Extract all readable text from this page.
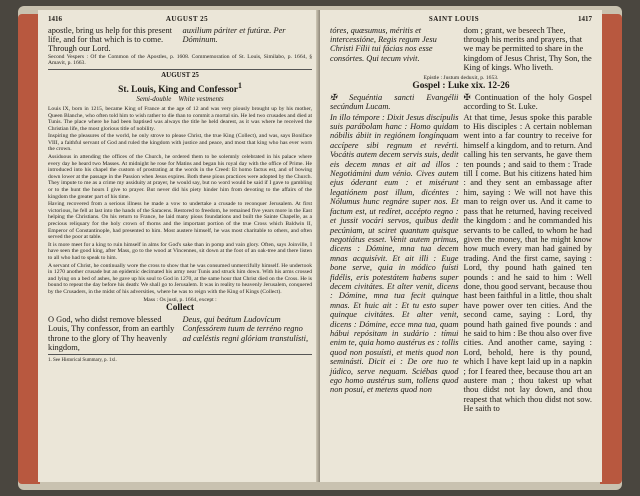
1416	AUGUST 25
apostle, bring us help for this present life, and for that which is to come. Through our Lord.
auxilium páriter et futúræ. Per Dóminum.

Second Vespers : Of the Common of the Apostles, p. 1608. Commemoration of St. Louis, Similabo, p. 1664, § Amavit, p. 1663.

AUGUST 25
St. Louis, King and Confessor$^1$
Semi-double White vestments

Louis IX, born in 1215, became King of France at the age of 12 and was very piously brought up by his mother, Queen Blanche, who often told him to wish rather to die than to commit a mortal sin. He led two crusades and died at Tunis. The place where he had been baptised was always the title he held dearest, as it was where he received the Christian life, the most glorious title of nobility.

Inspiring the pleasures of the world, he only strove to please Christ, the true King (Collect), and was, says Boniface VIII, a faithful servant of God and ruled the kingdom with justice and peace, and most that king who has ever worn the crown.

Assiduous in attending the offices of the Church, he ordered them to be solemnly celebrated in his palace where every day he heard two Masses. At midnight he rose for Matins and began his royal day with the office of Prime. He introduced into his chapel the custom of prostrating at the words in the Creed: Et homo factus est, and of bowing down lower at the passage in the Passion when Jesus expires. Both these pious practices were adopted by the Church. They impute to me as a crime my assiduity at prayer, he would say, but no word would be said if I gave to gambling or to the hunt the hours I give to prayer. But never did his piety hinder him from devoting to the affairs of the kingdom the greater part of his time.

Having recovered from a serious illness he made a vow to undertake a crusade to reconquer Jerusalem. At first victorious, he fell at last into the hands of the Saracens. Restored to freedom, he remained five years more in the East helping the Christians. On his return to France, he laid many pious foundations and built the Sainte Chapelle, as a precious reliquary for the holy crown of thorns and the important portion of the true Cross which Baldwin II, Emperor of Constantinople, had presented to him. Most austere himself, he was most charitable to others, and often served the poor at table.

It is more meet for a king to ruin himself in alms for God's sake than in pomp and vain glory. Often, says Joinville, I have seen the good king, after Mass, go to the wood at Vincennes, sit down at the foot of an oak-tree and there listen to all who had to speak to him.

A servant of Christ, he continually wore the cross to show that he was consumed unmercifully himself. He undertook in 1270 another crusade but an epidemic decimated his army near Tunis and struck him down. With his arms crossed and lying on a bed of ashes, he gave up his soul to God in 1270, at the same hour that Christ died on the Cross. He is bound to repeat the day before his death: We shall go to Jerusalem. It was in reality to heavenly Jerusalem, conquered by the Crusaders, in the midst of his adversities, where he was to reign with the King of Kings (Collect).

Mass : Os justi, p. 1664, except :
Collect
O God, who didst remove blessed Louis, Thy confessor, from an earthly throne to the glory of Thy heavenly kingdom,
Deus, qui beátum Ludovícum Confessórem tuum de terréno regno ad cæléstis regni glóriam transtulísti,
1. See Historical Summary, p. 1xl.
SAINT LOUIS	1417
tóres, quæsumus, méritis et intercessióne, Regis regum Jesu Christi Fílii tui fácias nos esse consórtes. Qui tecum vivit.
dom ; grant, we beseech Thee, through his merits and prayers, that we may be permitted to share in the kingdom of Jesus Christ, Thy Son, the King of kings. Who liveth.
Epistle : Justum deduxit, p. 1653.
Gospel : Luke xix. 12-26

✠ Sequéntia sancti Evangélii secúndum Lucam.

In illo témpore : Dixit Jesus discípulis suis parábolam hanc : Homo quidam nóbilis ábiit in regiónem longínquam accípere sibi regnum et revérti. Vocátis autem decem servis suis, dedit eis decem mnas et ait ad illos : Negotiámini dum vénio. Cives autem ejus óderant eum : et misérunt legatiónem post illum, dicéntes : Nólumus hunc regnáre super nos. Et factum est, ut redíret, accépto regno : et jussit vocári servos, quibus dedit pecúniam, ut sciret quantum quisque negotiátus esset. Venit autem primus, dicens : Dómine, mna tua decem mnas acquisívit. Et ait illi : Euge bone serve, quia in módico fuísti fidélis, eris potestátem habens super decem civitátes. Et alter venit, dicens : Dómine, mna tua fecit quinque mnas. Et huic ait : Et tu esto super quinque civitátes. Et alter venit, dicens : Dómine, ecce mna tua, quam hábui repósitam in sudário : tímui enim te, quia homo austérus es : tollis quod non posuísti, et metis quod non seminásti. Dicit ei : De ore tuo te júdico, serve nequam. Sciébas quod ego homo austérus sum, tollens quod non posui, et metens quod non

✠ Continuation of the holy Gospel according to St. Luke.

At that time, Jesus spoke this parable to His disciples : A certain nobleman went into a far country to receive for himself a kingdom, and to return. And calling his ten servants, he gave them ten pounds ; and said to them : Trade till I come. But his citizens hated him : and they sent an embassage after him, saying : We will not have this man to reign over us. And it came to pass that he returned, having received the kingdom : and he commanded his servants to be called, to whom he had given the money, that he might know how much every man had gained by trading. And the first came, saying : Lord, thy pound hath gained ten pounds : and he said to him : Well done, thou good servant, because thou hast been faithful in a little, thou shalt have power over ten cities. And the second came, saying : Lord, thy pound hath gained five pounds : and he said to him : Be thou also over five cities. And another came, saying : Lord, behold, here is thy pound, which I have kept laid up in a napkin ; for I feared thee, because thou art an austere man ; thou takest up what thou didst not lay down, and thou reapest that which thou didst not sow. He saith to
